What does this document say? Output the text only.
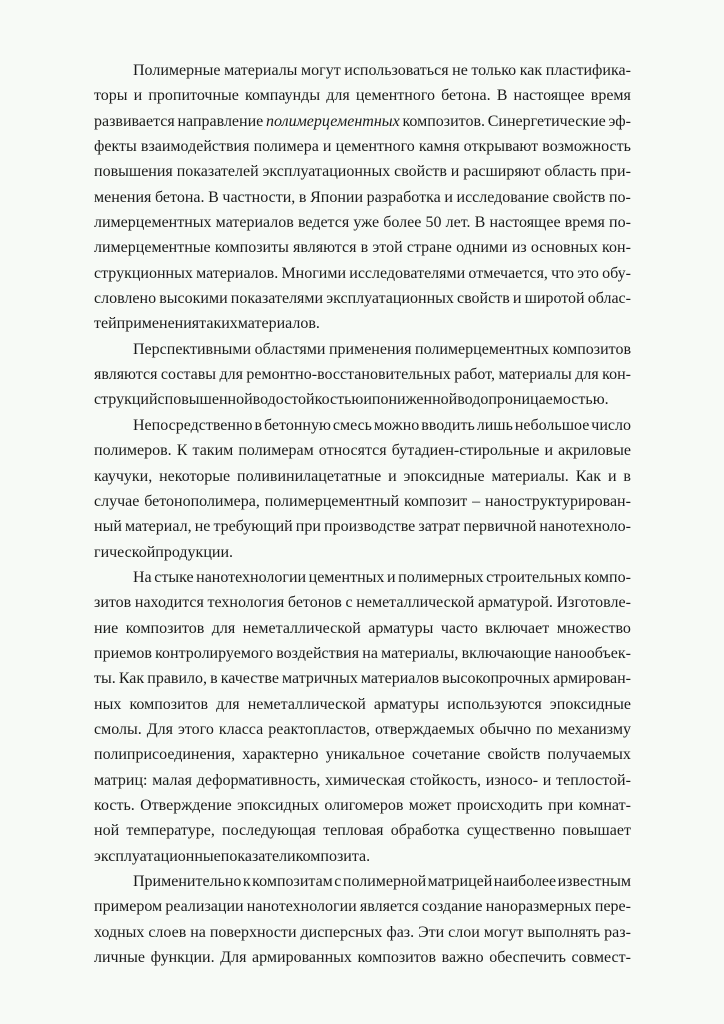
Полимерные материалы могут использоваться не только как пластифика-
торы и пропиточные компаунды для цементного бетона. В настоящее время
развивается направление полимерцементных композитов. Синергетические эф-
фекты взаимодействия полимера и цементного камня открывают возможность
повышения показателей эксплуатационных свойств и расширяют область при-
менения бетона. В частности, в Японии разработка и исследование свойств по-
лимерцементных материалов ведется уже более 50 лет. В настоящее время по-
лимерцементные композиты являются в этой стране одними из основных кон-
струкционных материалов. Многими исследователями отмечается, что это обу-
словлено высокими показателями эксплуатационных свойств и широтой облас-
тей применения таких материалов.
Перспективными областями применения полимерцементных композитов
являются составы для ремонтно-восстановительных работ, материалы для кон-
струкций с повышенной водостойкостью и пониженной водопроницаемостью.
Непосредственно в бетонную смесь можно вводить лишь небольшое число
полимеров. К таким полимерам относятся бутадиен-стирольные и акриловые
каучуки, некоторые поливинилацетатные и эпоксидные материалы. Как и в
случае бетонополимера, полимерцементный композит – наноструктурирован-
ный материал, не требующий при производстве затрат первичной нанотехноло-
гической продукции.
На стыке нанотехнологии цементных и полимерных строительных компо-
зитов находится технология бетонов с неметаллической арматурой. Изготовле-
ние композитов для неметаллической арматуры часто включает множество
приемов контролируемого воздействия на материалы, включающие нанообъек-
ты. Как правило, в качестве матричных материалов высокопрочных армирован-
ных композитов для неметаллической арматуры используются эпоксидные
смолы. Для этого класса реактопластов, отверждаемых обычно по механизму
полиприсоединения, характерно уникальное сочетание свойств получаемых
матриц: малая деформативность, химическая стойкость, износо- и теплостой-
кость. Отверждение эпоксидных олигомеров может происходить при комнат-
ной температуре, последующая тепловая обработка существенно повышает
эксплуатационные показатели композита.
Применительно к композитам с полимерной матрицей наиболее известным
примером реализации нанотехнологии является создание наноразмерных пере-
ходных слоев на поверхности дисперсных фаз. Эти слои могут выполнять раз-
личные функции. Для армированных композитов важно обеспечить совмест-
